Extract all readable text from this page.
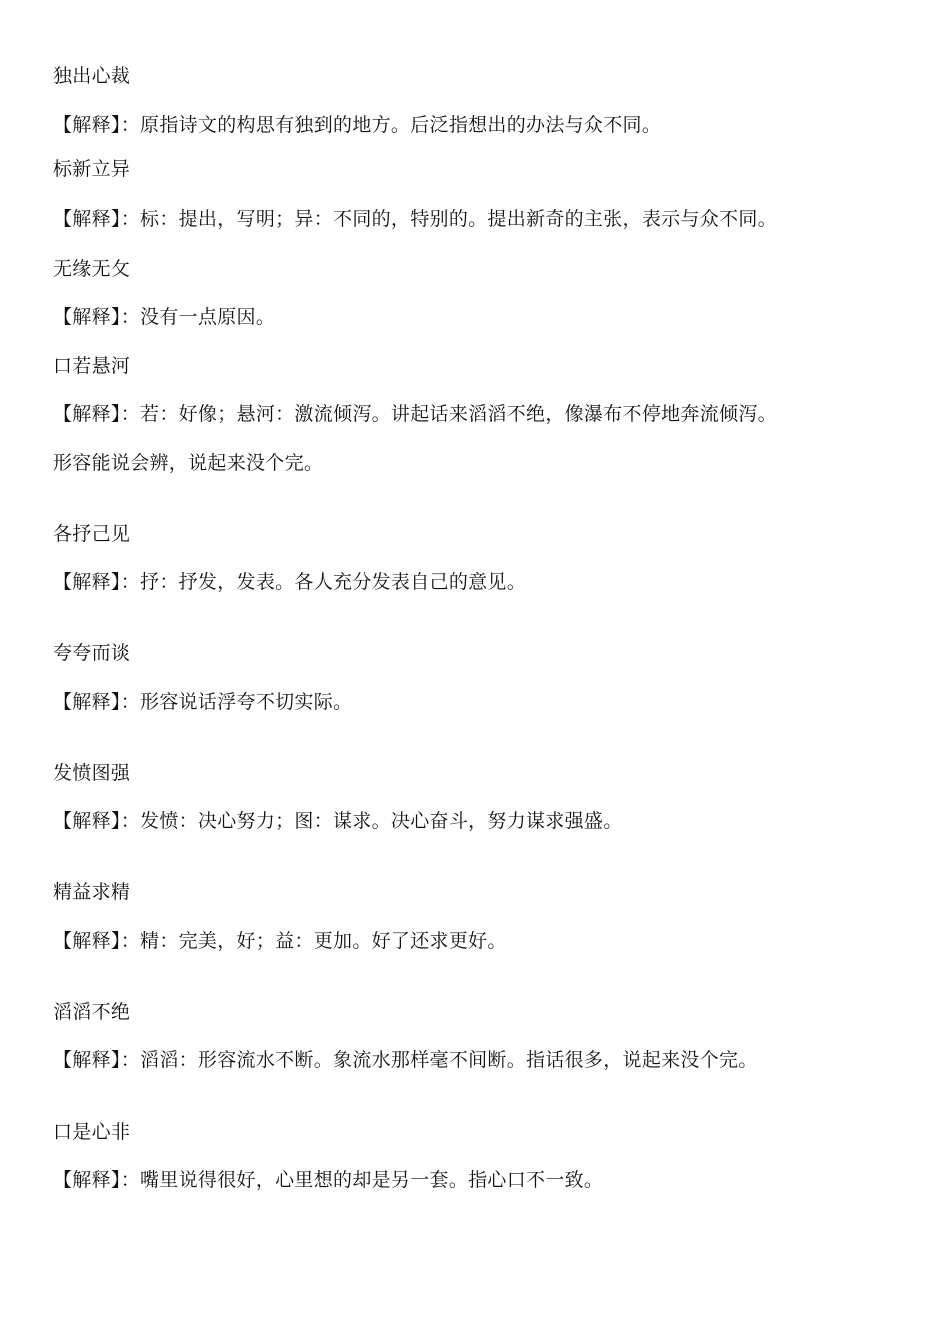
独出心裁
【解释】：原指诗文的构思有独到的地方。后泛指想出的办法与众不同。
标新立异
【解释】：标：提出，写明；异：不同的，特别的。提出新奇的主张，表示与众不同。
无缘无攵
【解释】：没有一点原因。
口若悬河
【解释】：若：好像；悬河：激流倾泻。讲起话来滔滔不绝，像瀑布不停地奔流倾泻。
形容能说会辨，说起来没个完。
各抒己见
【解释】：抒：抒发，发表。各人充分发表自己的意见。
夸夸而谈
【解释】：形容说话浮夸不切实际。
发愤图强
【解释】：发愤：决心努力；图：谋求。决心奋斗，努力谋求强盛。
精益求精
【解释】：精：完美，好；益：更加。好了还求更好。
滔滔不绝
【解释】：滔滔：形容流水不断。象流水那样毫不间断。指话很多，说起来没个完。
口是心非
【解释】：嘴里说得很好，心里想的却是另一套。指心口不一致。
